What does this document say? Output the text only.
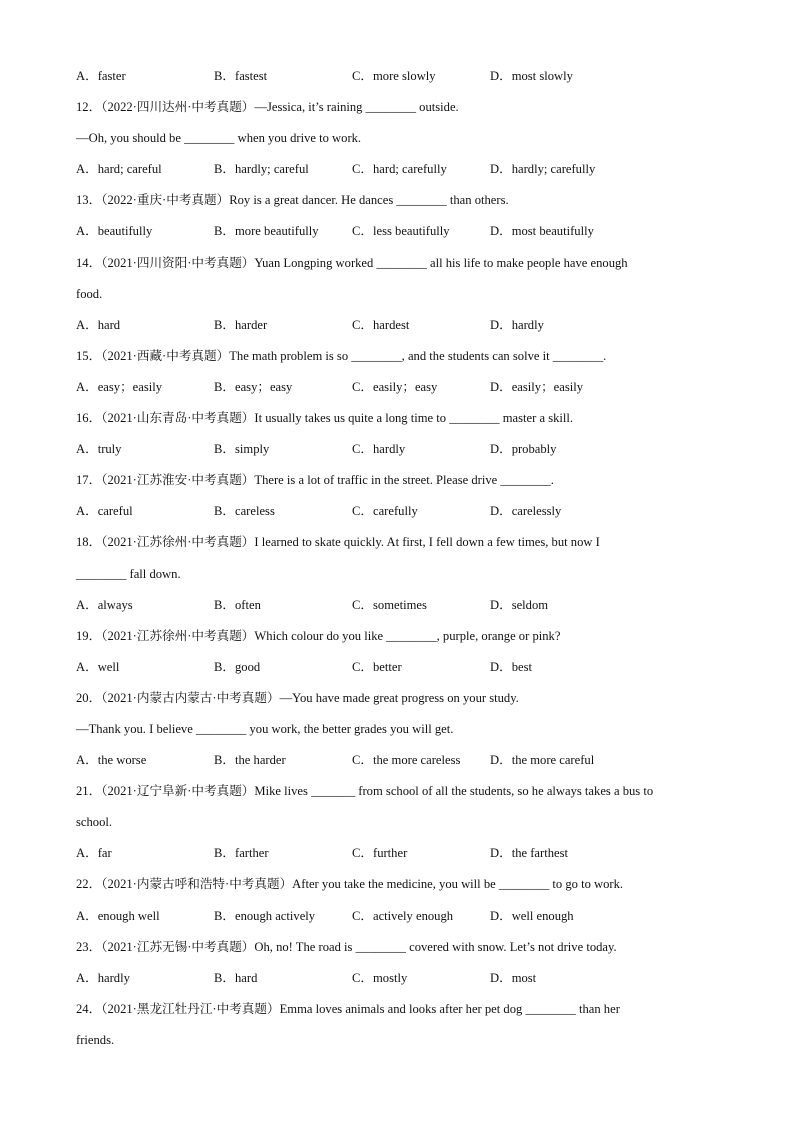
A．faster	B．fastest	C．more slowly	D．most slowly
12．（2022·四川达州·中考真题）—Jessica, it’s raining ________ outside.
—Oh, you should be ________ when you drive to work.
A．hard; careful	B．hardly; careful	C．hard; carefully	D．hardly; carefully
13．（2022·重庆·中考真题）Roy is a great dancer. He dances ________ than others.
A．beautifully	B．more beautifully	C．less beautifully	D．most beautifully
14．（2021·四川资阳·中考真题）Yuan Longping worked ________ all his life to make people have enough
food.
A．hard	B．harder	C．hardest	D．hardly
15．（2021·西藏·中考真题）The math problem is so ________, and the students can solve it ________.
A．easy；easily	B．easy；easy	C．easily；easy	D．easily；easily
16．（2021·山东青岛·中考真题）It usually takes us quite a long time to ________ master a skill.
A．truly	B．simply	C．hardly	D．probably
17．（2021·江苏淮安·中考真题）There is a lot of traffic in the street. Please drive ________.
A．careful	B．careless	C．carefully	D．carelessly
18．（2021·江苏徐州·中考真题）I learned to skate quickly. At first, I fell down a few times, but now I
________ fall down.
A．always	B．often	C．sometimes	D．seldom
19．（2021·江苏徐州·中考真题）Which colour do you like ________, purple, orange or pink?
A．well	B．good	C．better	D．best
20．（2021·内蒙古内蒙古·中考真题）—You have made great progress on your study.
—Thank you. I believe ________ you work, the better grades you will get.
A．the worse	B．the harder	C．the more careless D．the more careful
21．（2021·辽宁阜新·中考真题）Mike lives _______ from school of all the students, so he always takes a bus to
school.
A．far	B．farther	C．further	D．the farthest
22．（2021·内蒙古呼和浩特·中考真题）After you take the medicine, you will be ________ to go to work.
A．enough well	B．enough actively	C．actively enough	D．well enough
23．（2021·江苏无锡·中考真题）Oh, no! The road is ________ covered with snow. Let’s not drive today.
A．hardly	B．hard	C．mostly	D．most
24．（2021·黑龙江牡丹江·中考真题）Emma loves animals and looks after her pet dog ________ than her
friends.
